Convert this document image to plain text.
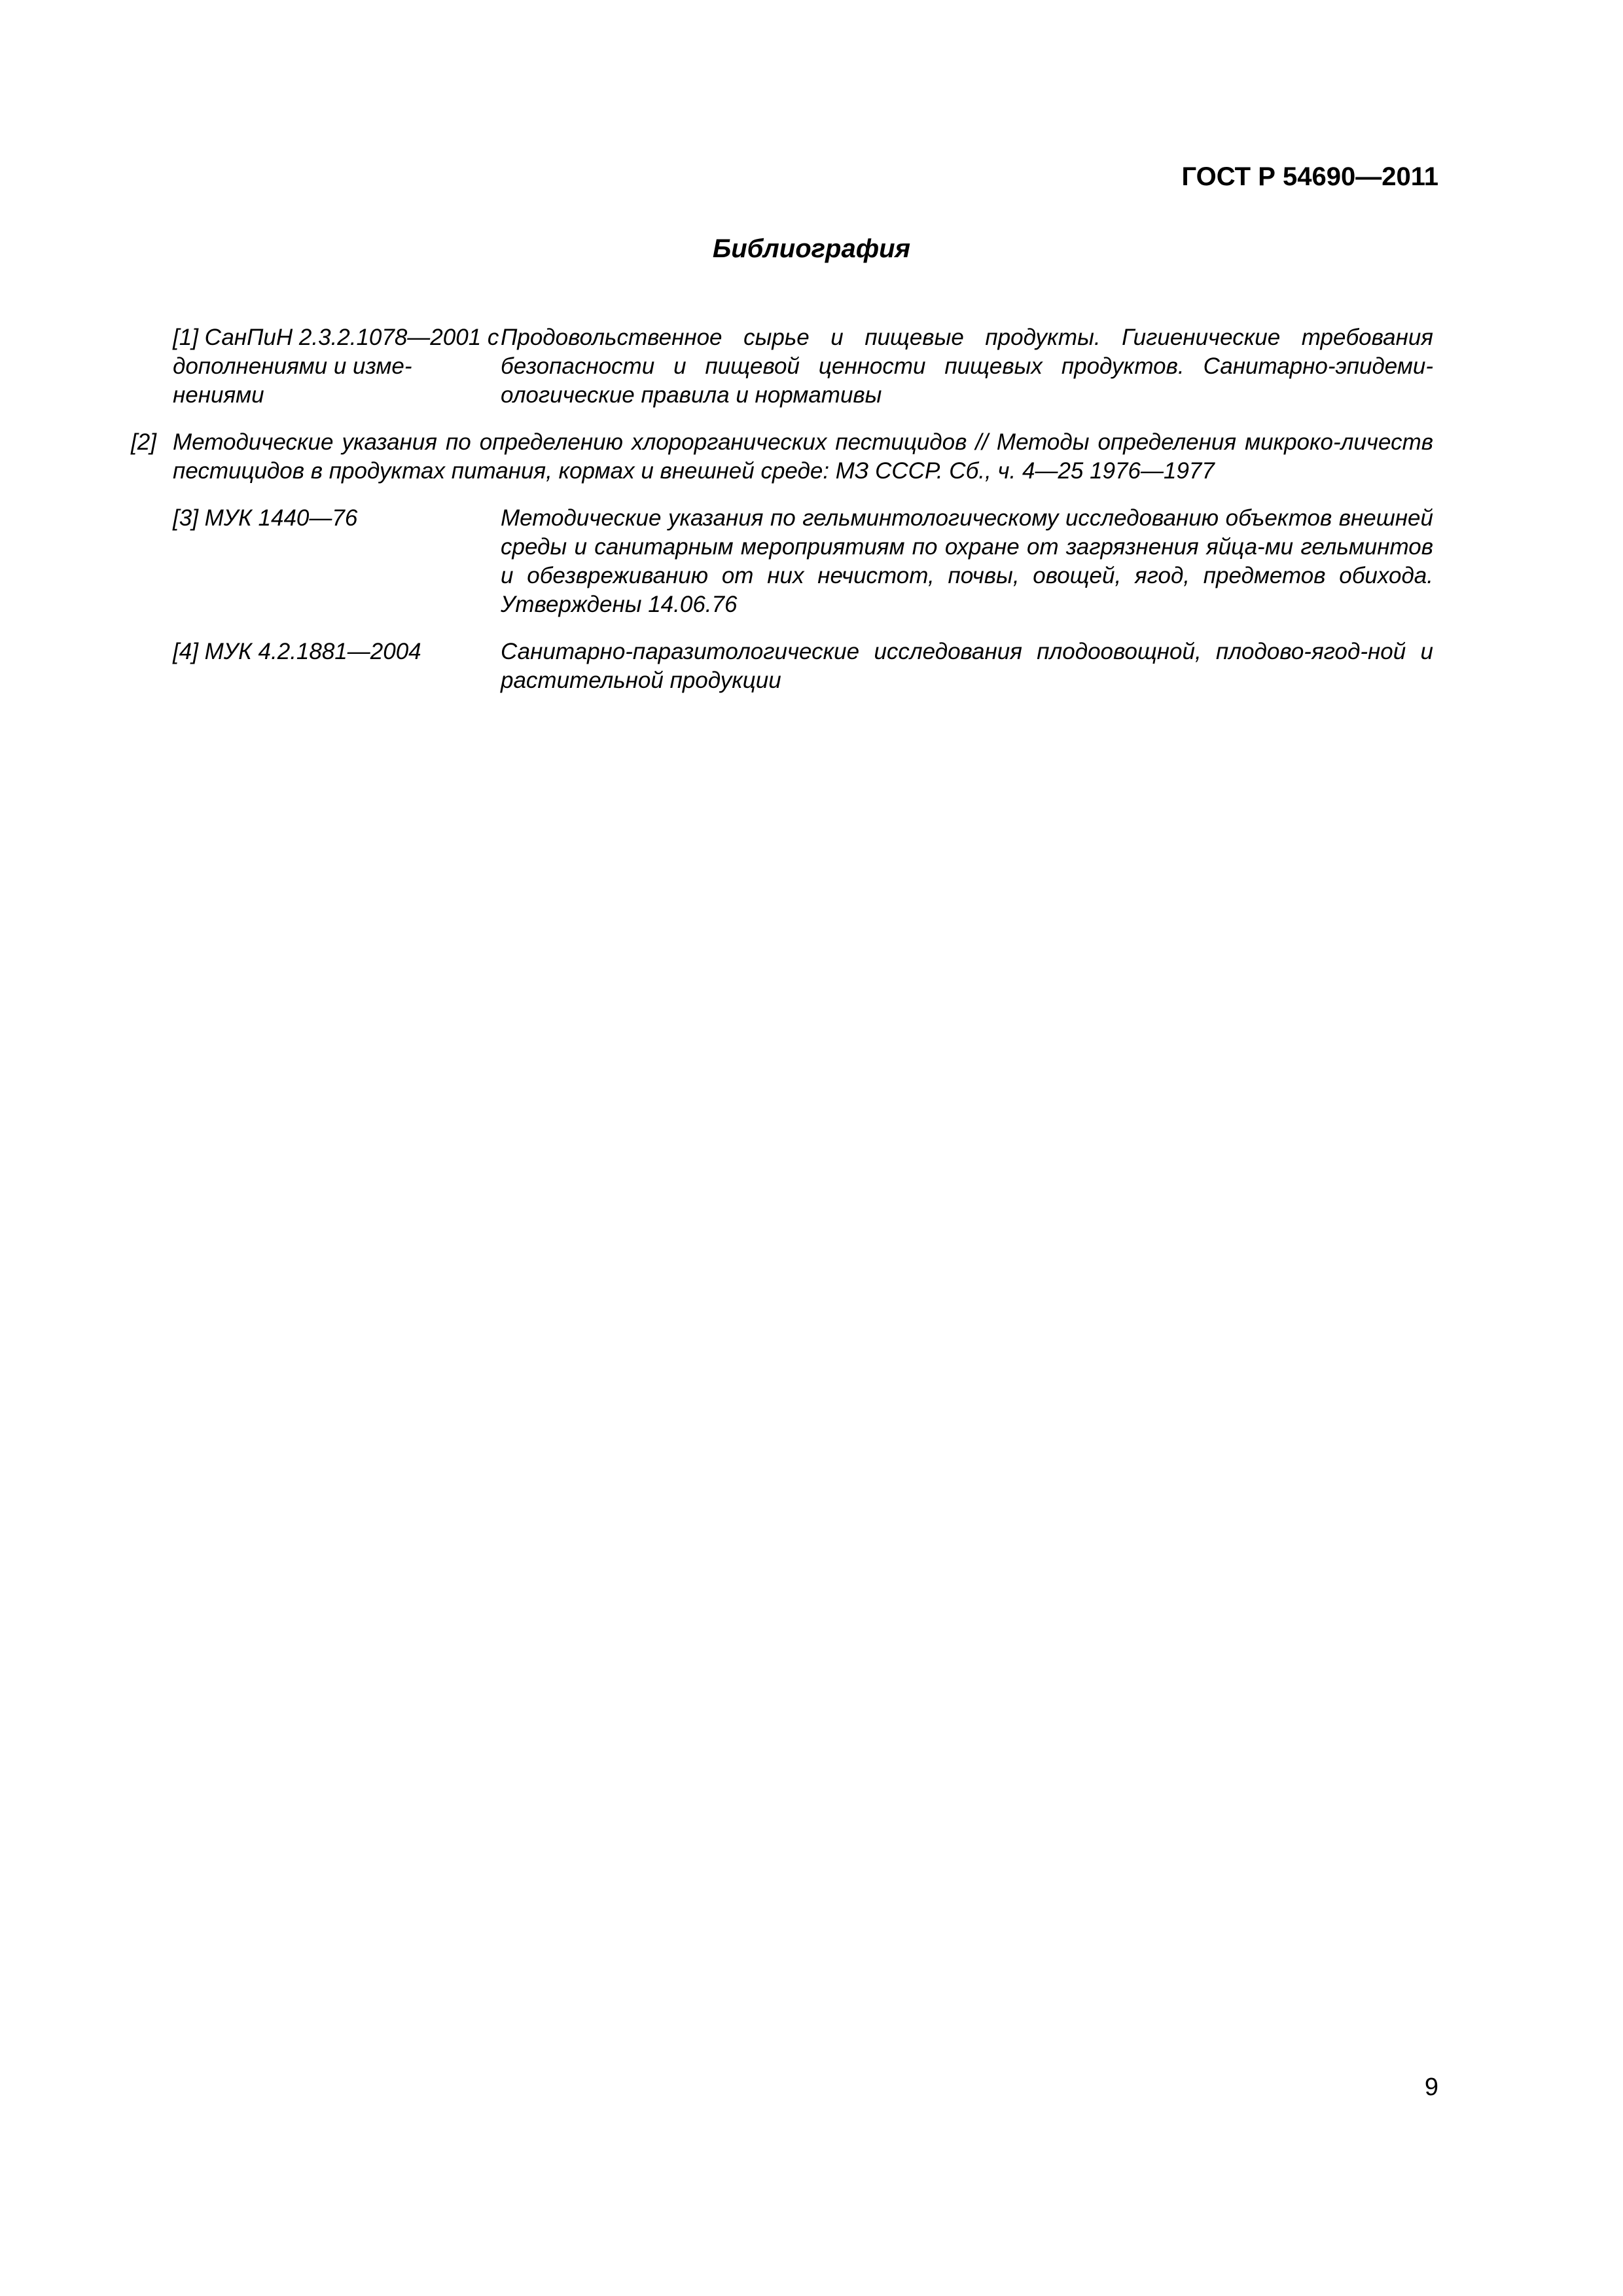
ГОСТ Р 54690—2011
Библиография
[1] СанПиН 2.3.2.1078—2001 с дополнениями и изме-нениями
Продовольственное сырье и пищевые продукты. Гигиенические требования безопасности и пищевой ценности пищевых продуктов. Санитарно-эпидеми-ологические правила и нормативы
[2] Методические указания по определению хлорорганических пестицидов // Методы определения микроко-личеств пестицидов в продуктах питания, кормах и внешней среде: МЗ СССР. Сб., ч. 4—25 1976—1977
[3] МУК 1440—76	Методические указания по гельминтологическому исследованию объектов внешней среды и санитарным мероприятиям по охране от загрязнения яйца-ми гельминтов и обезвреживанию от них нечистот, почвы, овощей, ягод, предметов обихода. Утверждены 14.06.76
[4] МУК 4.2.1881—2004	Санитарно-паразитологические исследования плодоовощной, плодово-ягод-ной и растительной продукции
9
